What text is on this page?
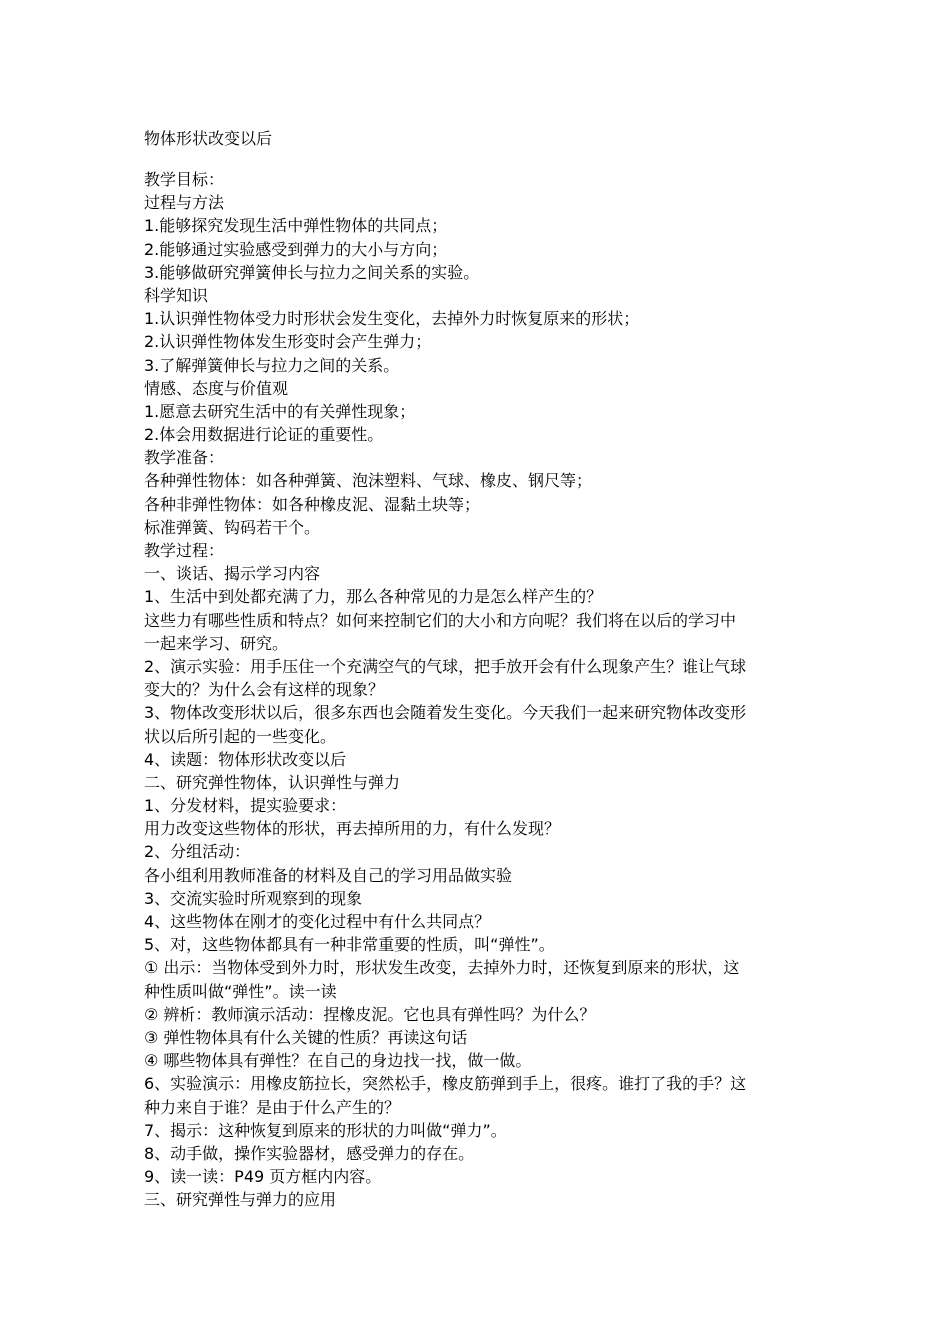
物体形状改变以后
教学目标：
过程与方法
1.能够探究发现生活中弹性物体的共同点；
2.能够通过实验感受到弹力的大小与方向；
3.能够做研究弹簧伸长与拉力之间关系的实验。
科学知识
1.认识弹性物体受力时形状会发生变化，去掉外力时恢复原来的形状；
2.认识弹性物体发生形变时会产生弹力；
3.了解弹簧伸长与拉力之间的关系。
情感、态度与价值观
1.愿意去研究生活中的有关弹性现象；
2.体会用数据进行论证的重要性。
教学准备：
各种弹性物体：如各种弹簧、泡沫塑料、气球、橡皮、钢尺等；
各种非弹性物体：如各种橡皮泥、湿黏土块等；
标准弹簧、钩码若干个。
教学过程：
一、谈话、揭示学习内容
1、生活中到处都充满了力，那么各种常见的力是怎么样产生的？
这些力有哪些性质和特点？如何来控制它们的大小和方向呢？我们将在以后的学习中
一起来学习、研究。
2、演示实验：用手压住一个充满空气的气球，把手放开会有什么现象产生？谁让气球
变大的？为什么会有这样的现象？
3、物体改变形状以后，很多东西也会随着发生变化。今天我们一起来研究物体改变形
状以后所引起的一些变化。
4、读题：物体形状改变以后
二、研究弹性物体，认识弹性与弹力
1、分发材料，提实验要求：
用力改变这些物体的形状，再去掉所用的力，有什么发现？
2、分组活动：
各小组利用教师准备的材料及自己的学习用品做实验
3、交流实验时所观察到的现象
4、这些物体在刚才的变化过程中有什么共同点？
5、对，这些物体都具有一种非常重要的性质，叫“弹性”。
① 出示：当物体受到外力时，形状发生改变，去掉外力时，还恢复到原来的形状，这
种性质叫做“弹性”。读一读
② 辨析：教师演示活动：捏橡皮泥。它也具有弹性吗？为什么？
③ 弹性物体具有什么关键的性质？再读这句话
④ 哪些物体具有弹性？在自己的身边找一找，做一做。
6、实验演示：用橡皮筋拉长，突然松手，橡皮筋弹到手上，很疼。谁打了我的手？这
种力来自于谁？是由于什么产生的？
7、揭示：这种恢复到原来的形状的力叫做“弹力”。
8、动手做，操作实验器材，感受弹力的存在。
9、读一读：P49 页方框内内容。
三、研究弹性与弹力的应用
